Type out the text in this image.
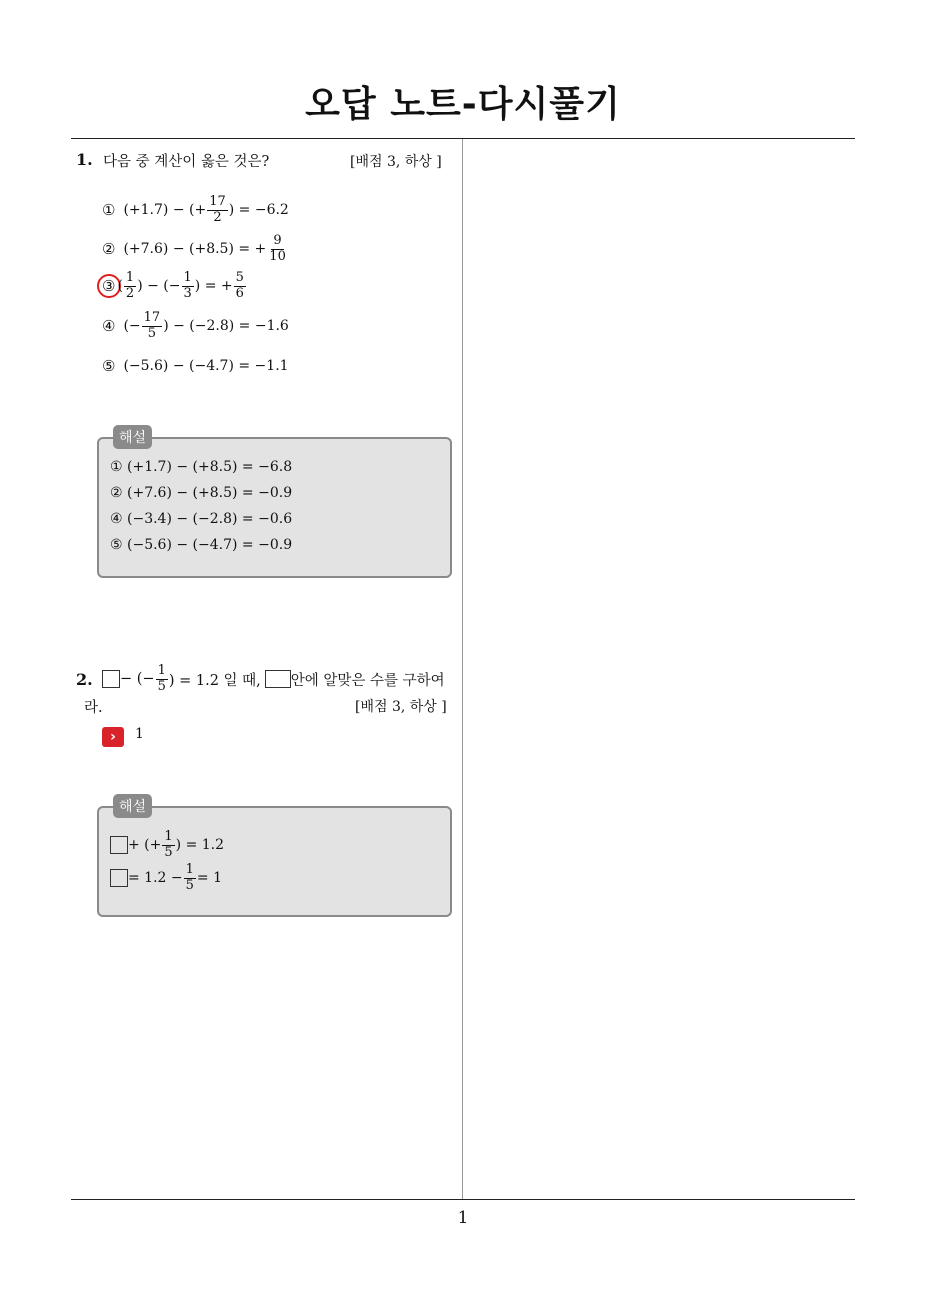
오답 노트-다시풀기
1
1. 다음 중 계산이 옳은 것은?	[배점 3, 하상 ]
① (+1.7) − (+ $\frac{17}{2}$ ) = −6.2
② (+7.6) − (+8.5) = + $\frac{9}{10}$
③ ( $\frac{1}{2}$ ) − (− $\frac{1}{3}$ ) = + $\frac{5}{6}$
④ (− $\frac{17}{5}$ ) − (−2.8) = −1.6
⑤ (−5.6) − (−4.7) = −1.1
해설
① (+1.7) − (+8.5) = −6.8
② (+7.6) − (+8.5) = −0.9
④ (−3.4) − (−2.8) = −0.6
⑤ (−5.6) − (−4.7) = −0.9
2. − (− $\frac{1}{5}$ ) = 1.2 일 때, 안에 알맞은 수를 구하여
라.	[배점 3, 하상 ]
›	1
해설
+ (+ $\frac{1}{5}$ ) = 1.2
= $1.2 - \frac{1}{5} = 1$
